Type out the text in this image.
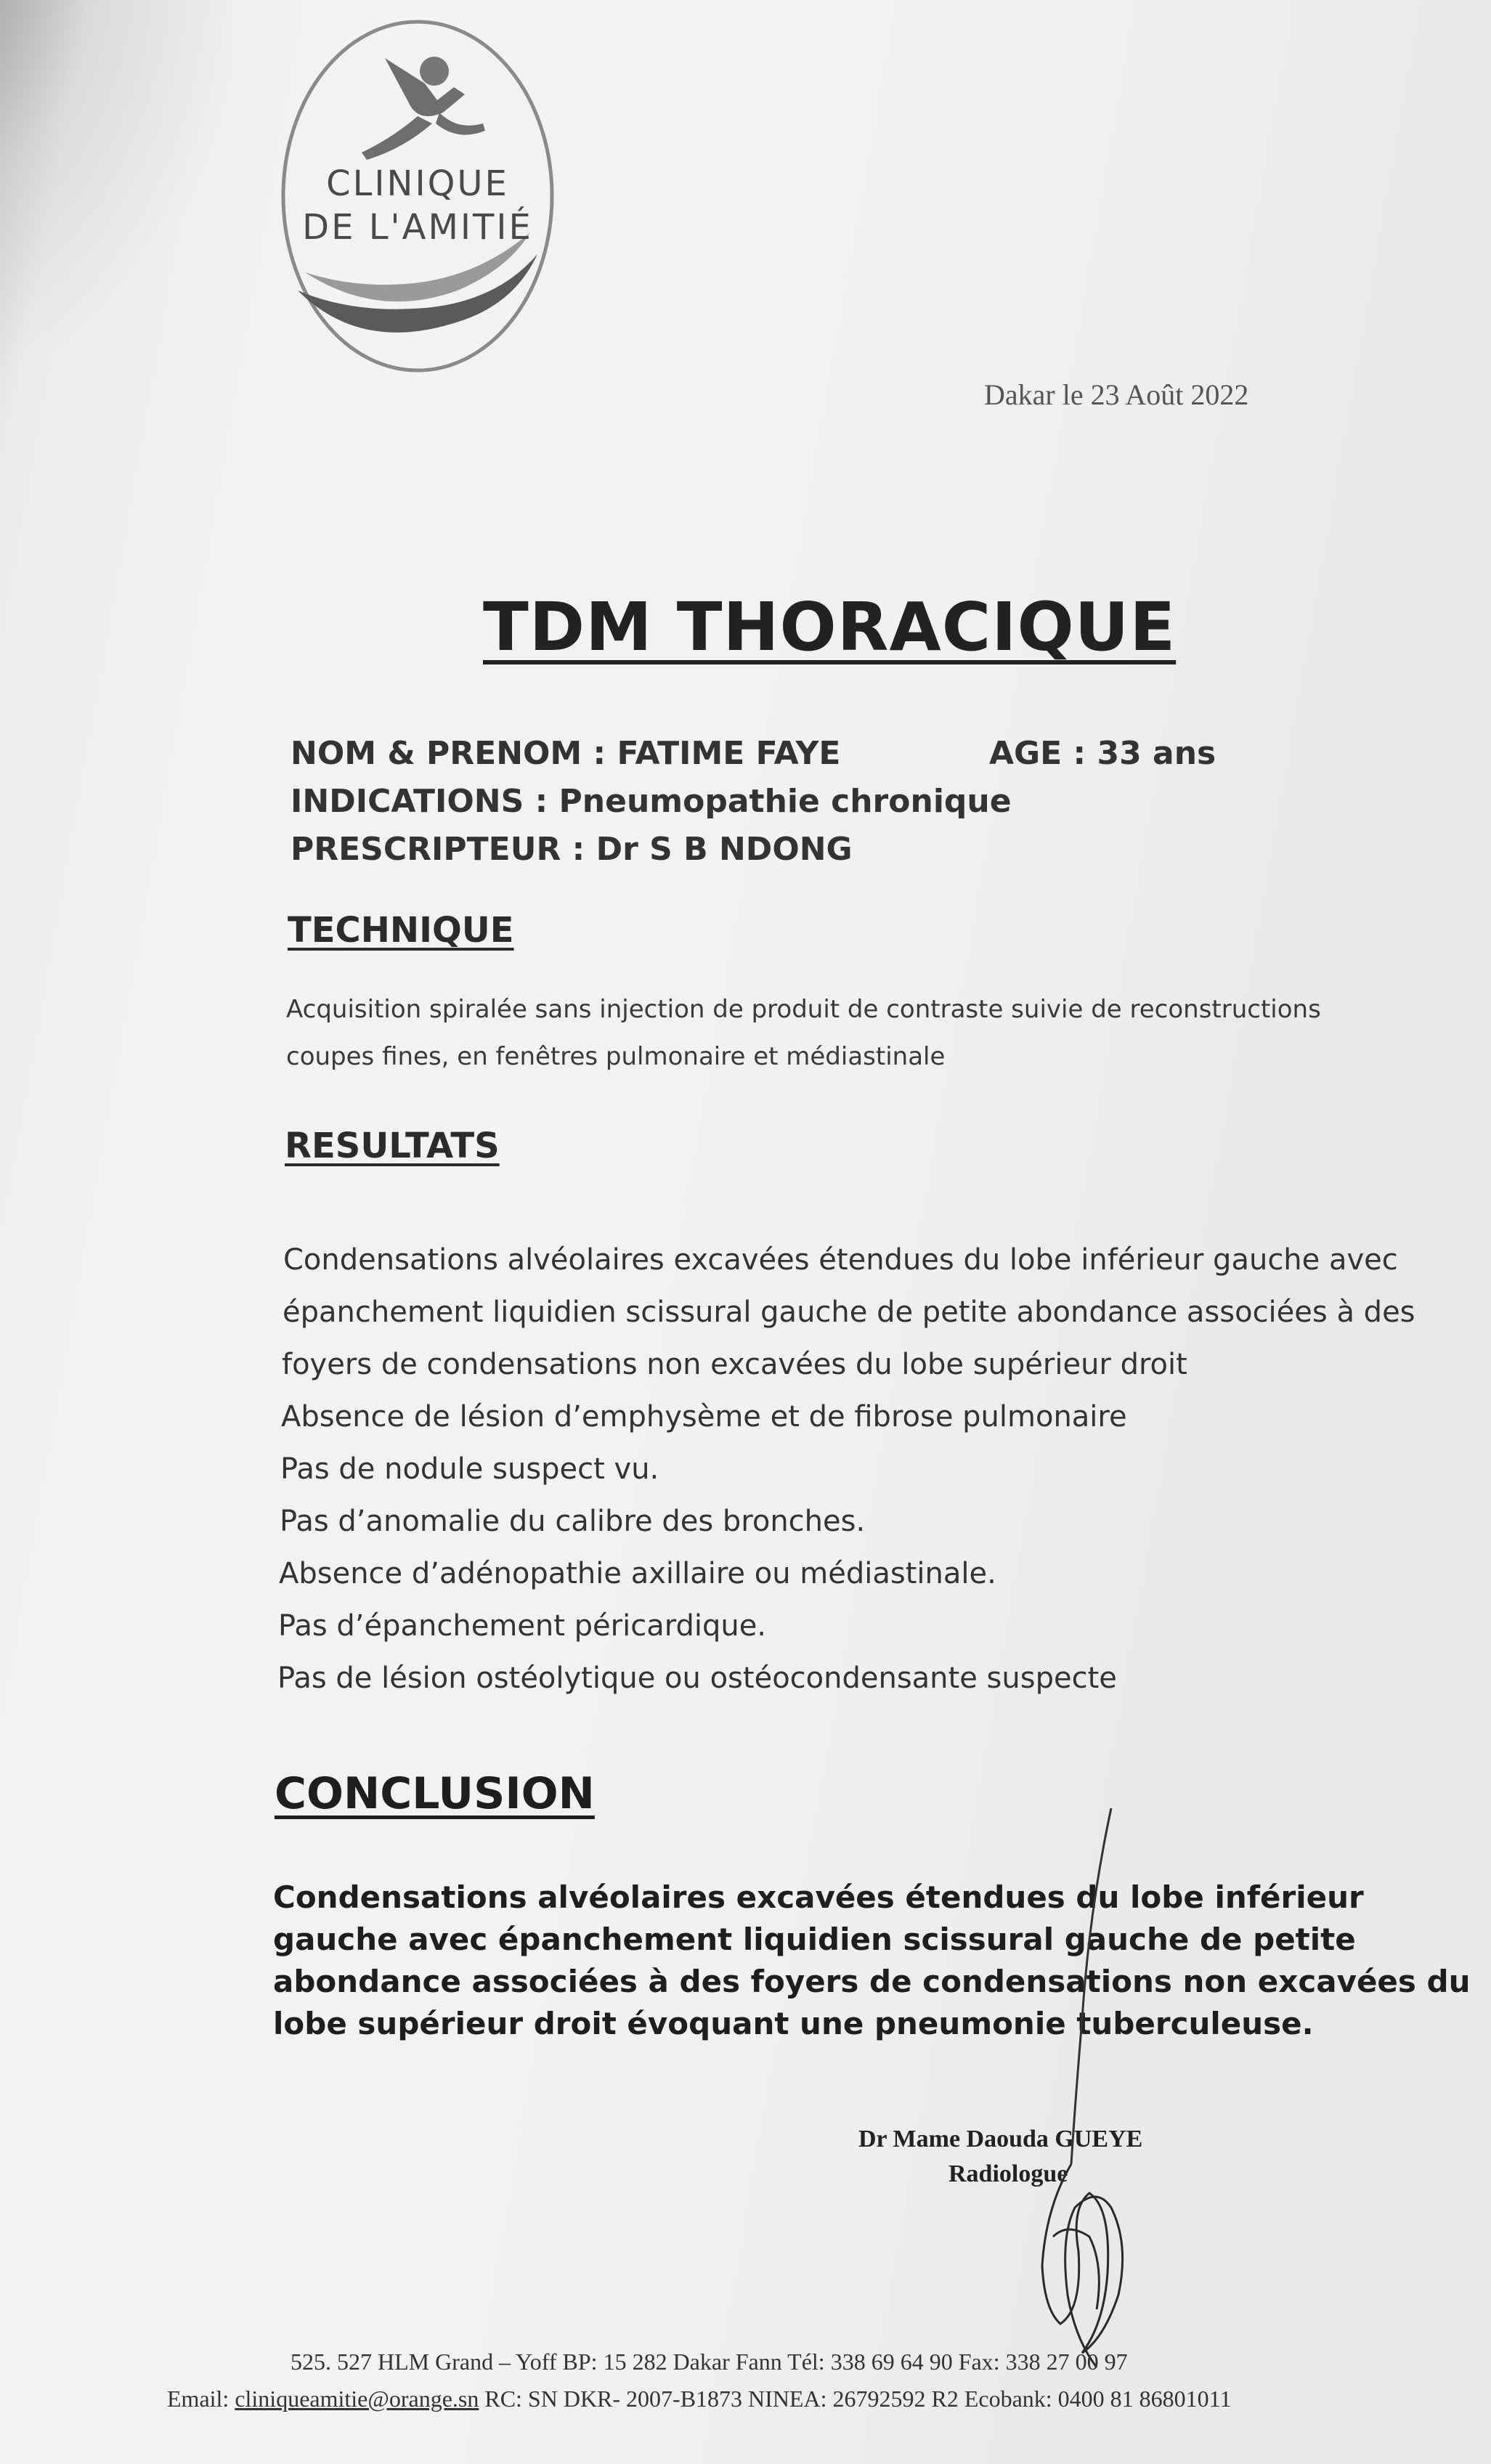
CLINIQUE
DE L'AMITIÉ
Dakar le 23 Août 2022
TDM THORACIQUE
NOM & PRENOM : FATIME FAYE	AGE : 33 ans
INDICATIONS : Pneumopathie chronique
PRESCRIPTEUR : Dr S B NDONG
TECHNIQUE
Acquisition spiralée sans injection de produit de contraste suivie de reconstructions
coupes fines, en fenêtres pulmonaire et médiastinale
RESULTATS
Condensations alvéolaires excavées étendues du lobe inférieur gauche avec
épanchement liquidien scissural gauche de petite abondance associées à des
foyers de condensations non excavées du lobe supérieur droit
Absence de lésion d’emphysème et de fibrose pulmonaire
Pas de nodule suspect vu.
Pas d’anomalie du calibre des bronches.
Absence d’adénopathie axillaire ou médiastinale.
Pas d’épanchement péricardique.
Pas de lésion ostéolytique ou ostéocondensante suspecte
CONCLUSION
Condensations alvéolaires excavées étendues du lobe inférieur
gauche avec épanchement liquidien scissural gauche de petite
abondance associées à des foyers de condensations non excavées du
lobe supérieur droit évoquant une pneumonie tuberculeuse.
Dr Mame Daouda GUEYE
Radiologue
525. 527 HLM Grand – Yoff BP: 15 282 Dakar Fann Tél: 338 69 64 90 Fax: 338 27 00 97
Email: cliniqueamitie@orange.sn RC: SN DKR- 2007-B1873 NINEA: 26792592 R2 Ecobank: 0400 81 86801011
